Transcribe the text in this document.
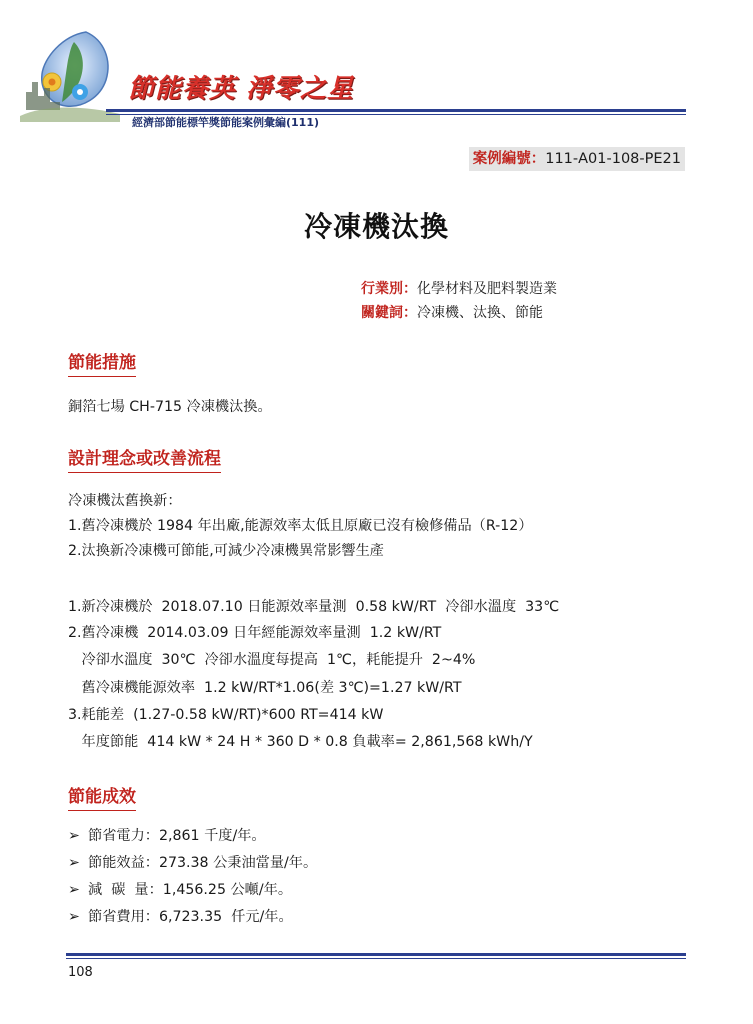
節能養英 淨零之星
經濟部節能標竿獎節能案例彙編(111)
案例編號：111-A01-108-PE21
冷凍機汰換
行業別：化學材料及肥料製造業
關鍵詞：冷凍機、汰換、節能
節能措施
銅箔七場 CH-715 冷凍機汰換。
設計理念或改善流程
冷凍機汰舊換新：
1.舊冷凍機於 1984 年出廠,能源效率太低且原廠已沒有檢修備品（R-12）
2.汰換新冷凍機可節能,可減少冷凍機異常影響生產
1.新冷凍機於  2018.07.10 日能源效率量測  0.58 kW/RT  冷卻水溫度  33℃
2.舊冷凍機  2014.03.09 日年經能源效率量測  1.2 kW/RT
冷卻水溫度  30℃  冷卻水溫度每提高  1℃，耗能提升  2~4%
舊冷凍機能源效率  1.2 kW/RT*1.06(差 3℃)=1.27 kW/RT
3.耗能差  (1.27-0.58 kW/RT)*600 RT=414 kW
年度節能  414 kW * 24 H * 360 D * 0.8 負載率= 2,861,568 kWh/Y
節能成效
➢ 節省電力：2,861 千度/年。
➢ 節能效益：273.38 公秉油當量/年。
➢ 減  碳  量：1,456.25 公噸/年。
➢ 節省費用：6,723.35  仟元/年。
108
